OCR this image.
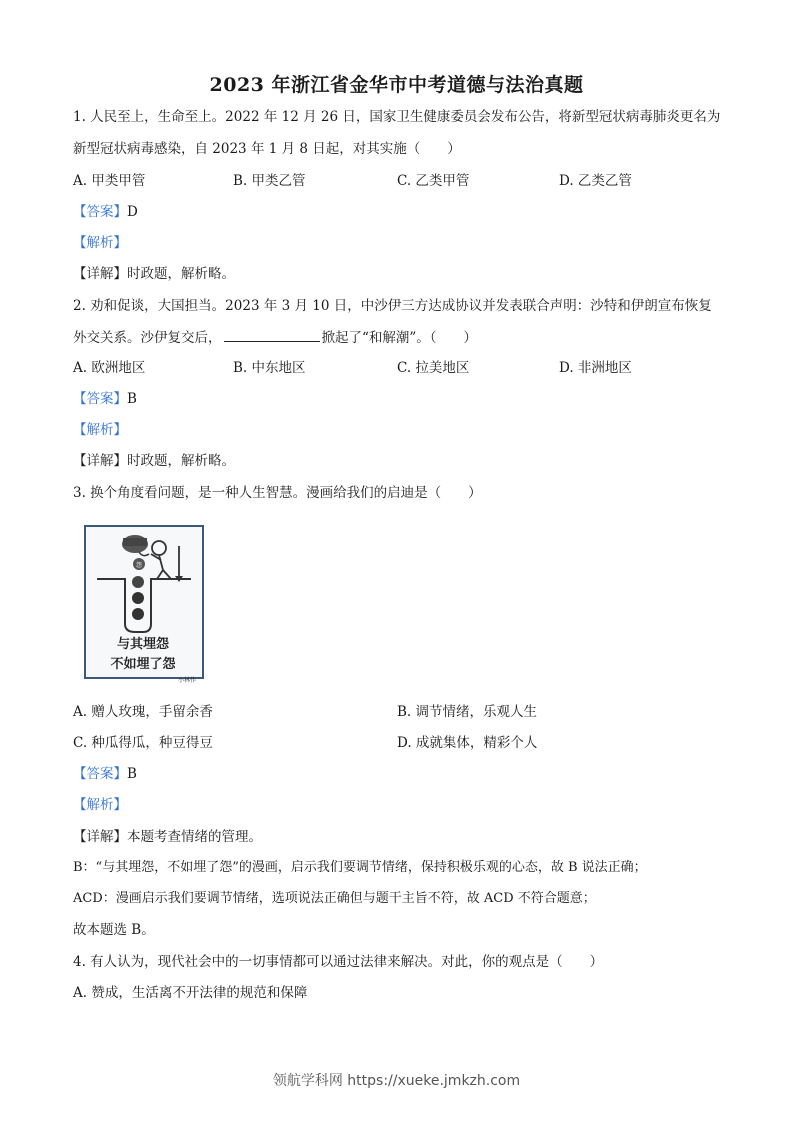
2023 年浙江省金华市中考道德与法治真题
1. 人民至上，生命至上。2022 年 12 月 26 日，国家卫生健康委员会发布公告，将新型冠状病毒肺炎更名为
新型冠状病毒感染，自 2023 年 1 月 8 日起，对其实施（　　）
A. 甲类甲管	B. 甲类乙管	C. 乙类甲管	D. 乙类乙管
【答案】D
【解析】
【详解】时政题，解析略。
2. 劝和促谈，大国担当。2023 年 3 月 10 日，中沙伊三方达成协议并发表联合声明：沙特和伊朗宣布恢复
外交关系。沙伊复交后，	掀起了“和解潮”。（　　）
A. 欧洲地区	B. 中东地区	C. 拉美地区	D. 非洲地区
【答案】B
【解析】
【详解】时政题，解析略。
3. 换个角度看问题，是一种人生智慧。漫画给我们的启迪是（　　）
怨
与其埋怨
不如埋了怨
小林作
A. 赠人玫瑰，手留余香	B. 调节情绪，乐观人生
C. 种瓜得瓜，种豆得豆	D. 成就集体，精彩个人
【答案】B
【解析】
【详解】本题考查情绪的管理。
B：“与其埋怨，不如埋了怨”的漫画，启示我们要调节情绪，保持积极乐观的心态，故 B 说法正确；
ACD：漫画启示我们要调节情绪，选项说法正确但与题干主旨不符，故 ACD 不符合题意；
故本题选 B。
4. 有人认为，现代社会中的一切事情都可以通过法律来解决。对此，你的观点是（　　）
A. 赞成，生活离不开法律的规范和保障
领航学科网 https://xueke.jmkzh.com
